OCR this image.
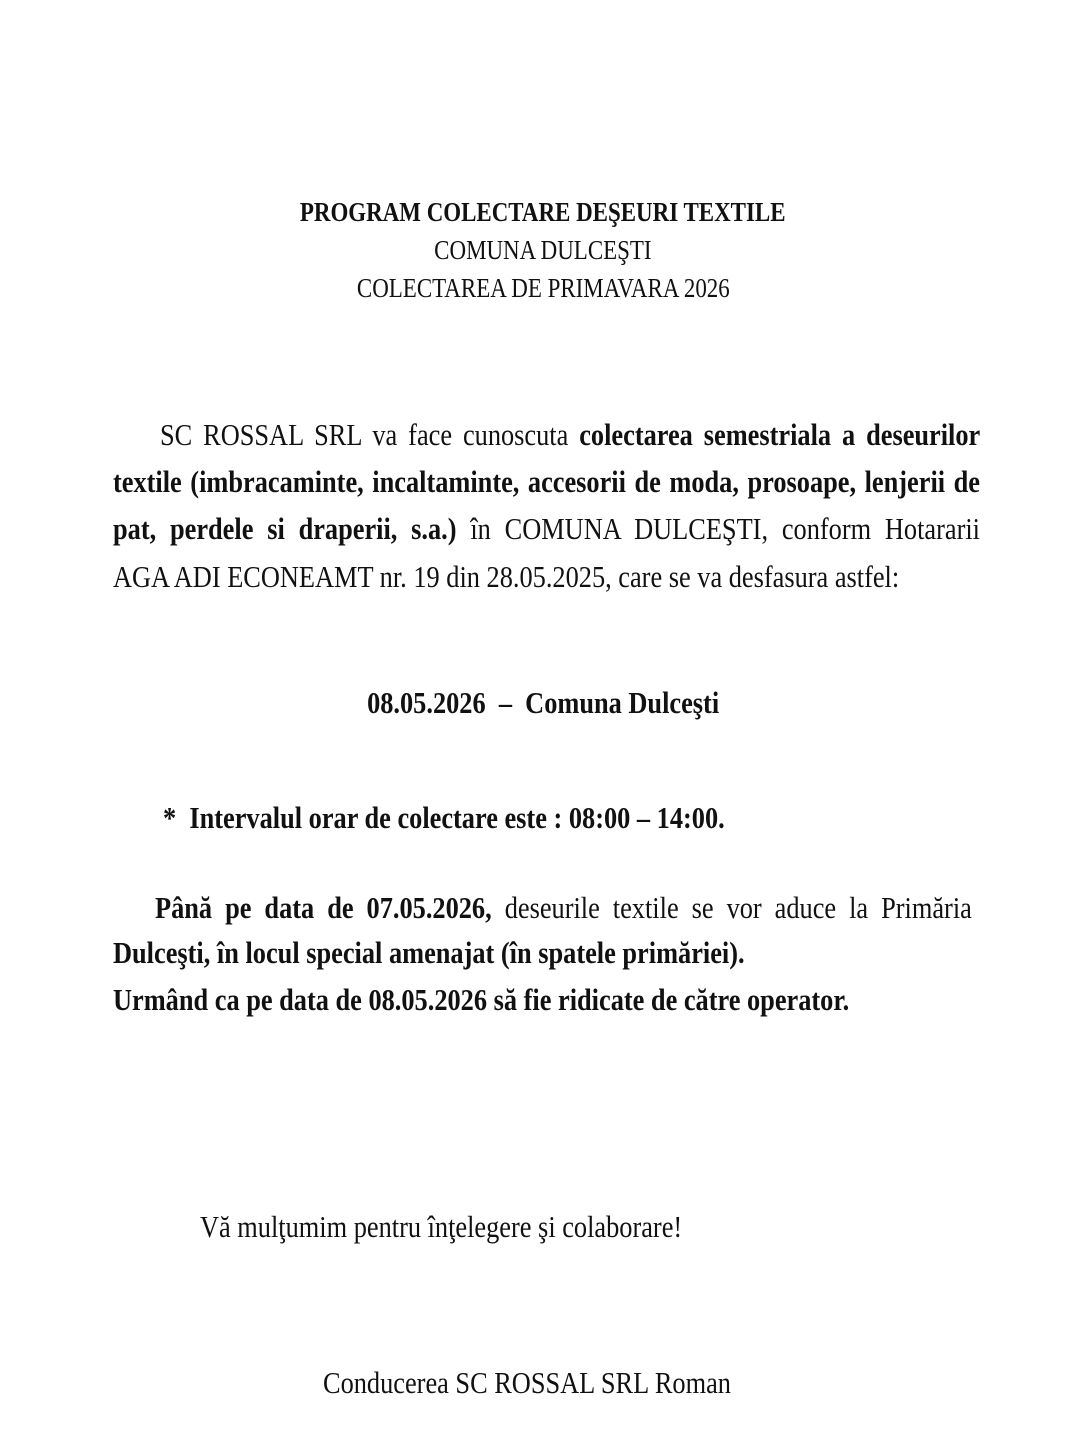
PROGRAM COLECTARE DEŞEURI TEXTILE
COMUNA DULCEŞTI
COLECTAREA DE PRIMAVARA 2026
SC ROSSAL SRL va face cunoscuta colectarea semestriala a deseurilor
textile (imbracaminte, incaltaminte, accesorii de moda, prosoape, lenjerii de
pat, perdele si draperii, s.a.) în COMUNA DULCEŞTI, conform Hotararii
AGA ADI ECONEAMT nr. 19 din 28.05.2025, care se va desfasura astfel:
08.05.2026  –  Comuna Dulceşti
*  Intervalul orar de colectare este : 08:00 – 14:00.
Până pe data de 07.05.2026, deseurile textile se vor aduce la Primăria
Dulceşti, în locul special amenajat (în spatele primăriei).
Urmând ca pe data de 08.05.2026 să fie ridicate de către operator.
Vă mulţumim pentru înţelegere şi colaborare!
Conducerea SC ROSSAL SRL Roman
